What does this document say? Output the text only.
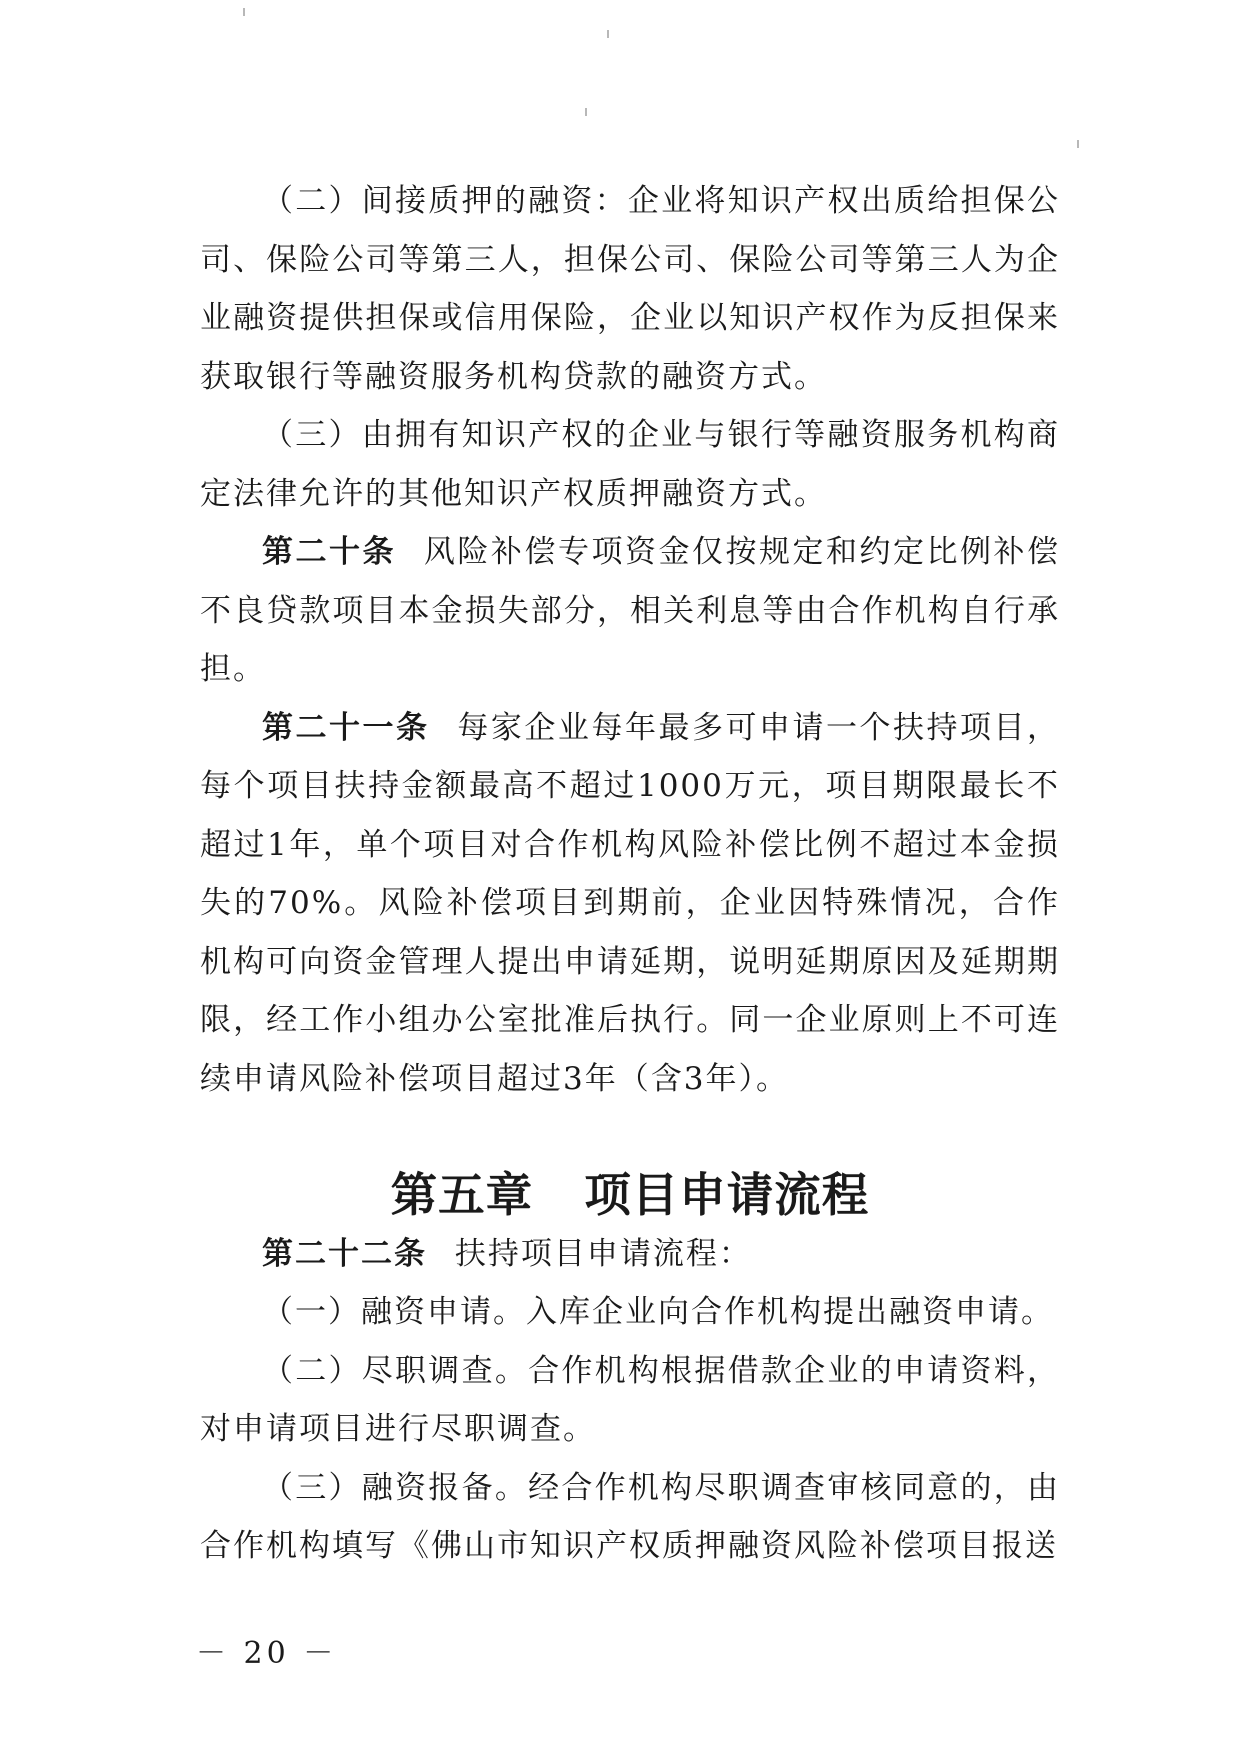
（二）间接质押的融资：企业将知识产权出质给担保公司、保险公司等第三人，担保公司、保险公司等第三人为企业融资提供担保或信用保险，企业以知识产权作为反担保来获取银行等融资服务机构贷款的融资方式。

（三）由拥有知识产权的企业与银行等融资服务机构商定法律允许的其他知识产权质押融资方式。

第二十条 风险补偿专项资金仅按规定和约定比例补偿不良贷款项目本金损失部分，相关利息等由合作机构自行承担。

第二十一条 每家企业每年最多可申请一个扶持项目，每个项目扶持金额最高不超过1000万元，项目期限最长不超过1年，单个项目对合作机构风险补偿比例不超过本金损失的70%。风险补偿项目到期前，企业因特殊情况，合作机构可向资金管理人提出申请延期，说明延期原因及延期期限，经工作小组办公室批准后执行。同一企业原则上不可连续申请风险补偿项目超过3年（含3年）。

第五章 项目申请流程

第二十二条 扶持项目申请流程：

（一）融资申请。入库企业向合作机构提出融资申请。

（二）尽职调查。合作机构根据借款企业的申请资料，对申请项目进行尽职调查。

（三）融资报备。经合作机构尽职调查审核同意的，由合作机构填写《佛山市知识产权质押融资风险补偿项目报送

－ 20 －
